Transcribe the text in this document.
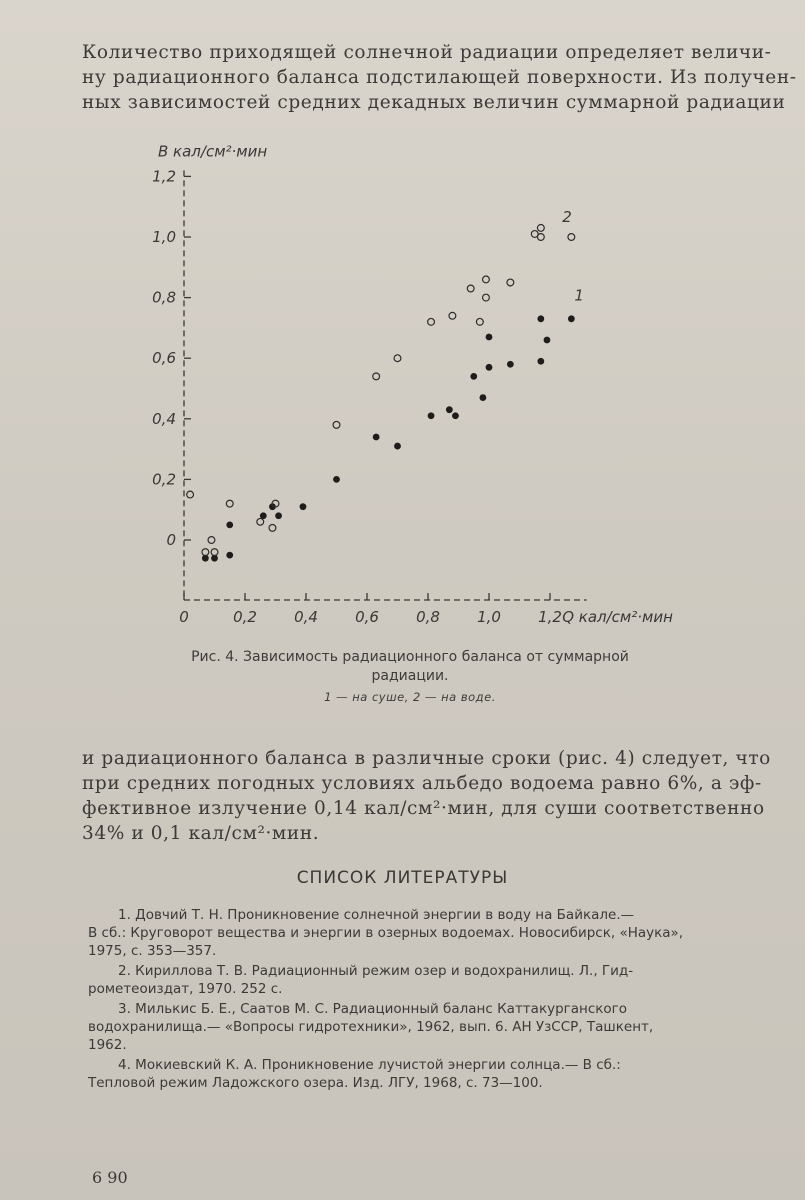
Количество приходящей солнечной радиации определяет величи-
ну радиационного баланса подстилающей поверхности. Из получен-
ных зависимостей средних декадных величин суммарной радиации
0
0,2
0,4
0,6
0,8
1,0
1,2
0	0,2 0,4 0,6 0,8 1,0 1,2
B кал/см²·мин
Q кал/см²·мин
1
2
Рис. 4. Зависимость радиационного баланса от суммарной
радиации.
1 — на суше, 2 — на воде.
и радиационного баланса в различные сроки (рис. 4) следует, что
при средних погодных условиях альбедо водоема равно 6%, а эф-
фективное излучение 0,14 кал/см²·мин, для суши соответственно
34% и 0,1 кал/см²·мин.
СПИСОК ЛИТЕРАТУРЫ
1. Довчий Т. Н. Проникновение солнечной энергии в воду на Байкале.—
В сб.: Круговорот вещества и энергии в озерных водоемах. Новосибирск, «Наука»,
1975, с. 353—357.
2. Кириллова Т. В. Радиационный режим озер и водохранилищ. Л., Гид-
рометеоиздат, 1970. 252 с.
3. Милькис Б. Е., Саатов М. С. Радиационный баланс Каттакурганского
водохранилища.— «Вопросы гидротехники», 1962, вып. 6. АН УзССР, Ташкент,
1962.
4. Мокиевский К. А. Проникновение лучистой энергии солнца.— В сб.:
Тепловой режим Ладожского озера. Изд. ЛГУ, 1968, с. 73—100.
6 90
